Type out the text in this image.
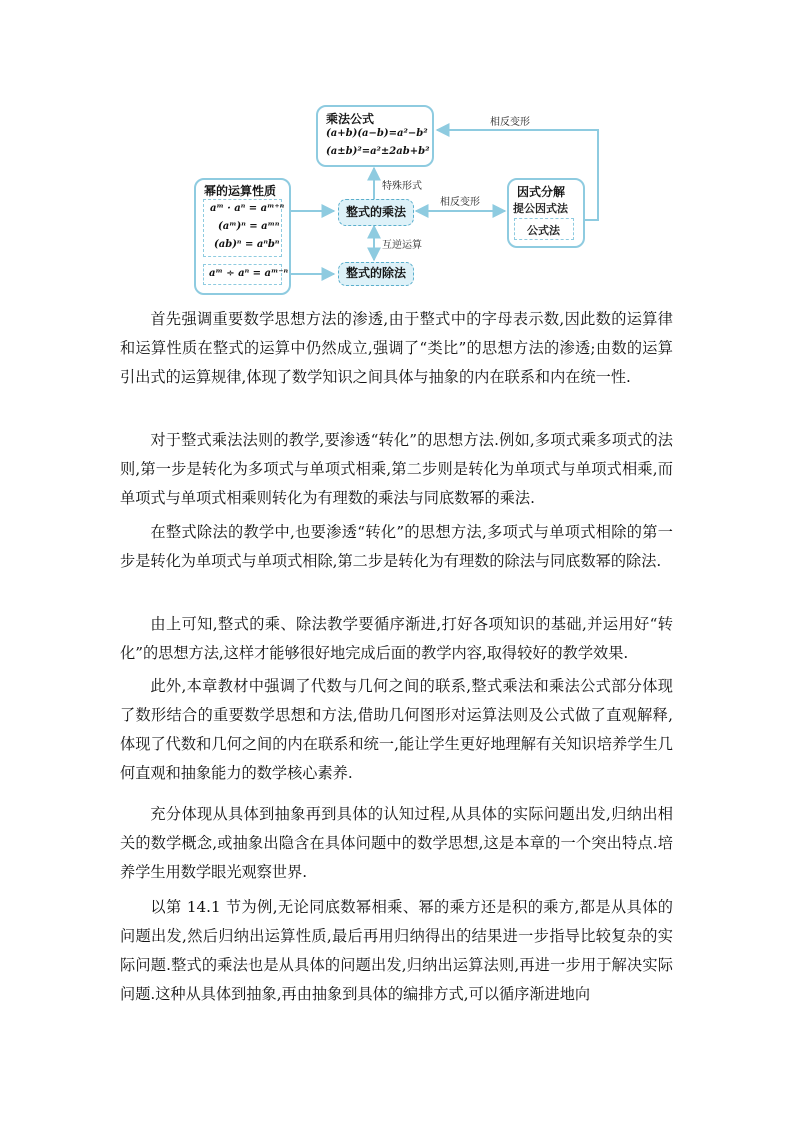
幂的运算性质
aᵐ · aⁿ = aᵐ⁺ⁿ
(aᵐ)ⁿ = aᵐⁿ
(ab)ⁿ = aⁿbⁿ
aᵐ ÷ aⁿ = aᵐ⁻ⁿ
乘法公式
(a+b)(a−b)=a²−b²
(a±b)²=a²±2ab+b²
整式的乘法
整式的除法
特殊形式
互逆运算
相反变形
相反变形
因式分解
提公因式法
公式法

首先强调重要数学思想方法的渗透,由于整式中的字母表示数,因此数的运算律和运算性质在整式的运算中仍然成立,强调了“类比”的思想方法的渗透;由数的运算引出式的运算规律,体现了数学知识之间具体与抽象的内在联系和内在统一性.

对于整式乘法法则的教学,要渗透“转化”的思想方法.例如,多项式乘多项式的法则,第一步是转化为多项式与单项式相乘,第二步则是转化为单项式与单项式相乘,而单项式与单项式相乘则转化为有理数的乘法与同底数幂的乘法.

在整式除法的教学中,也要渗透“转化”的思想方法,多项式与单项式相除的第一步是转化为单项式与单项式相除,第二步是转化为有理数的除法与同底数幂的除法.

由上可知,整式的乘、除法教学要循序渐进,打好各项知识的基础,并运用好“转化”的思想方法,这样才能够很好地完成后面的教学内容,取得较好的教学效果.

此外,本章教材中强调了代数与几何之间的联系,整式乘法和乘法公式部分体现了数形结合的重要数学思想和方法,借助几何图形对运算法则及公式做了直观解释,体现了代数和几何之间的内在联系和统一,能让学生更好地理解有关知识培养学生几何直观和抽象能力的数学核心素养.

充分体现从具体到抽象再到具体的认知过程,从具体的实际问题出发,归纳出相关的数学概念,或抽象出隐含在具体问题中的数学思想,这是本章的一个突出特点.培养学生用数学眼光观察世界.

以第 14.1 节为例,无论同底数幂相乘、幂的乘方还是积的乘方,都是从具体的问题出发,然后归纳出运算性质,最后再用归纳得出的结果进一步指导比较复杂的实际问题.整式的乘法也是从具体的问题出发,归纳出运算法则,再进一步用于解决实际问题.这种从具体到抽象,再由抽象到具体的编排方式,可以循序渐进地向
